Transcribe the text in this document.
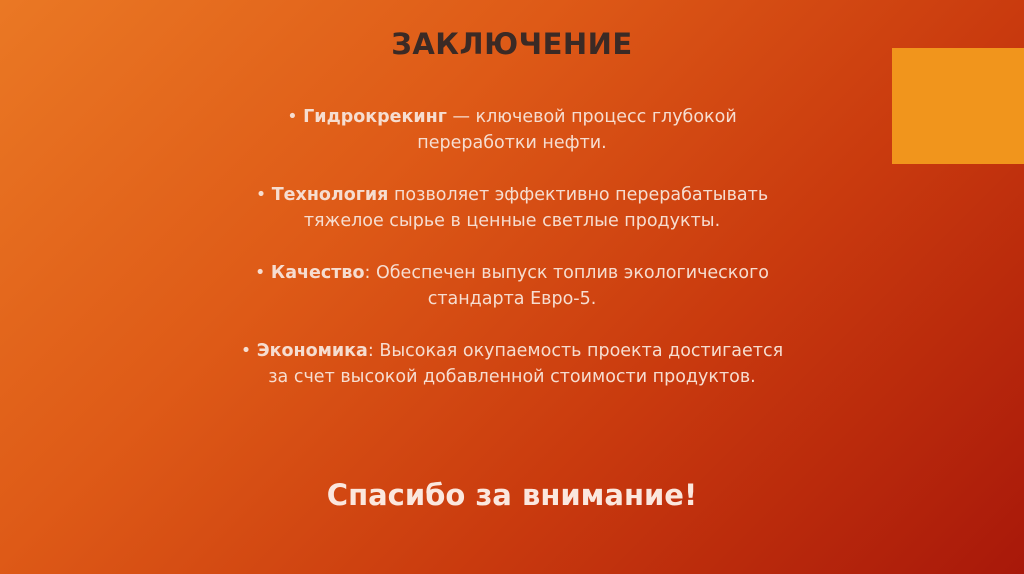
ЗАКЛЮЧЕНИЕ

• Гидрокрекинг — ключевой процесс глубокой переработки нефти.

• Технология позволяет эффективно перерабатывать тяжелое сырье в ценные светлые продукты.

• Качество: Обеспечен выпуск топлив экологического стандарта Евро-5.

• Экономика: Высокая окупаемость проекта достигается за счет высокой добавленной стоимости продуктов.

Спасибо за внимание!
